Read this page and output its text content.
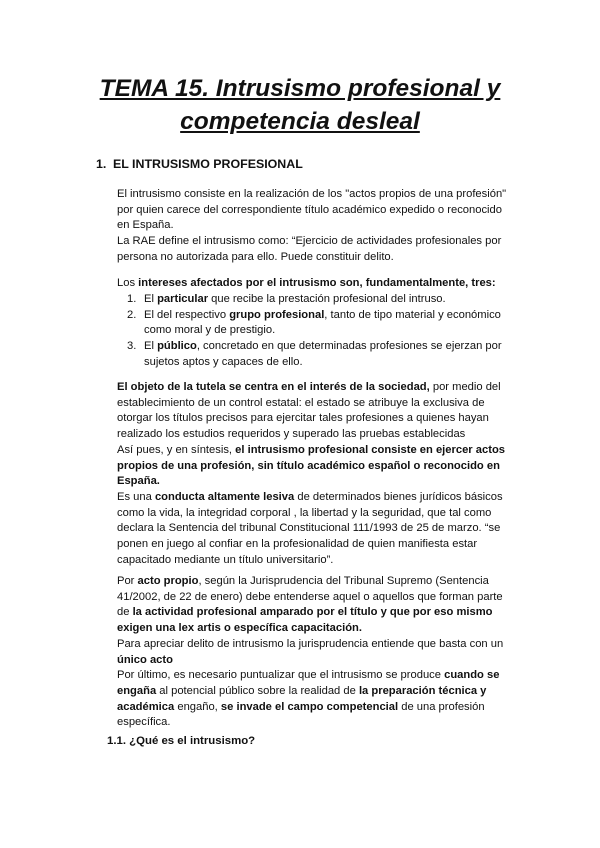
TEMA 15. Intrusismo profesional y
competencia desleal
1. EL INTRUSISMO PROFESIONAL

El intrusismo consiste en la realización de los "actos propios de una profesión" por quien carece del correspondiente título académico expedido o reconocido en España.

La RAE define el intrusismo como: “Ejercicio de actividades profesionales por persona no autorizada para ello. Puede constituir delito.

Los intereses afectados por el intrusismo son, fundamentalmente, tres:

1. El particular que recibe la prestación profesional del intruso.
2. El del respectivo grupo profesional, tanto de tipo material y económico como moral y de prestigio.
3. El público, concretado en que determinadas profesiones se ejerzan por sujetos aptos y capaces de ello.

El objeto de la tutela se centra en el interés de la sociedad, por medio del establecimiento de un control estatal: el estado se atribuye la exclusiva de otorgar los títulos precisos para ejercitar tales profesiones a quienes hayan realizado los estudios requeridos y superado las pruebas establecidas

Así pues, y en síntesis, el intrusismo profesional consiste en ejercer actos propios de una profesión, sin título académico español o reconocido en España.

Es una conducta altamente lesiva de determinados bienes jurídicos básicos como la vida, la integridad corporal , la libertad y la seguridad, que tal como declara la Sentencia del tribunal Constitucional 111/1993 de 25 de marzo. “se ponen en juego al confiar en la profesionalidad de quien manifiesta estar capacitado mediante un título universitario”.

Por acto propio, según la Jurisprudencia del Tribunal Supremo (Sentencia 41/2002, de 22 de enero) debe entenderse aquel o aquellos que forman parte de la actividad profesional amparado por el título y que por eso mismo exigen una lex artis o específica capacitación.

Para apreciar delito de intrusismo la jurisprudencia entiende que basta con un único acto

Por último, es necesario puntualizar que el intrusismo se produce cuando se engaña al potencial público sobre la realidad de la preparación técnica y académica engaño, se invade el campo competencial de una profesión específica.

1.1. ¿Qué es el intrusismo?
